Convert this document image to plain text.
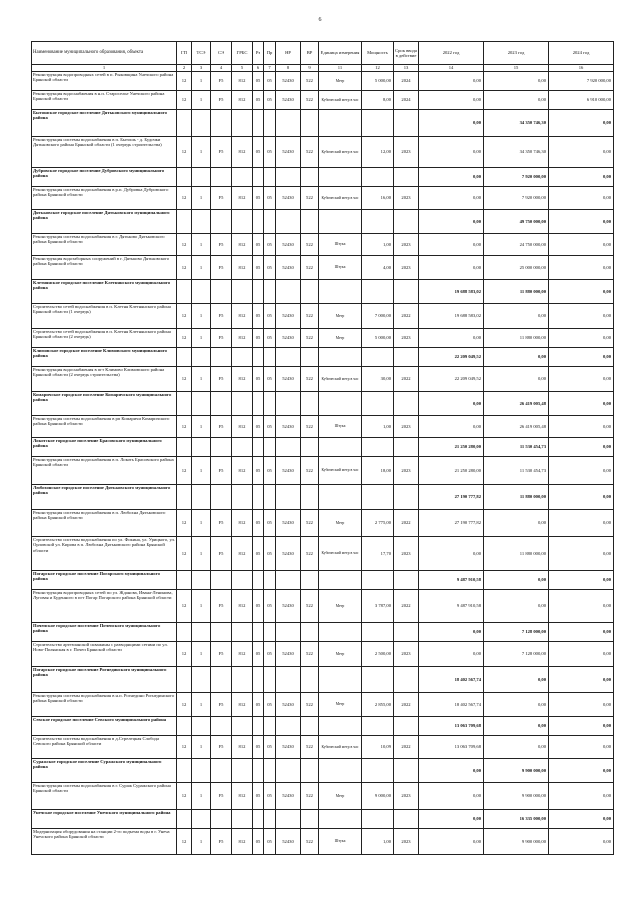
6
Наименование муниципального образования, объекта	ГП	ТСЭ	СЭ	ГРБС	Рз	Пр	НР	ВР	Единица измерения	Мощность	Срок ввода в действие	2022 год	2023 год	2024 год
1	2	3	4	5	6	7	8	9	11	12	13	14	15	16
Реконструкция водопроводных сетей в п. Рыковщина Унечского района Брянской области	12	1	F5	812	05	05	52430	522	Метр	5 000,00	2024	0,00	0,00	7 920 000,00
Реконструкция водоснабжения в н.п. Староселье Унечского района Брянской области	12	1	F5	812	05	05	52430	522	Кубический метр в час	8,00	2024	0,00	0,00	6 910 000,00
Бытошское городское поселение Дятьковского муниципального района												0,00	34 350 746,30	0,00
Реконструкция системы водоснабжения в п. Бытошь - д. Будочки Дятьковского района Брянской области (1 очередь строительства)	12	1	F5	812	05	05	52430	522	Кубический метр в час	12,00	2023	0,00	34 350 746,30	0,00
Дубровское городское поселение Дубровского муниципального района												0,00	7 920 000,00	0,00
Реконструкция системы водоснабжения в р.п. Дубровка Дубровского района Брянской области	12	1	F5	812	05	05	52430	522	Кубический метр в час	16,00	2023	0,00	7 920 000,00	0,00
Дятьковское городское поселение Дятьковского муниципального района												0,00	49 750 000,00	0,00
Реконструкция системы водоснабжения в г. Дятьково Дятьковского района Брянской области	12	1	F5	812	05	05	52430	522	Штука	1,00	2023	0,00	24 750 000,00	0,00
Реконструкция водозаборных сооружений в г. Дятьково Дятьковского района Брянской области	12	1	F5	812	05	05	52430	522	Штука	4,00	2023	0,00	25 000 000,00	0,00
Клетнянское городское поселение Клетнянского муниципального района												19 688 583,02	11 880 000,00	0,00
Строительство сетей водоснабжения в п. Клетня Клетнянского района Брянской области (1 очередь)	12	1	F5	812	05	05	52430	522	Метр	7 000,00	2022	19 688 583,02	0,00	0,00
Строительство сетей водоснабжения в п. Клетня Клетнянского района Брянской области (2 очередь)	12	1	F5	812	05	05	52430	522	Метр	5 000,00	2023	0,00	11 880 000,00	0,00
Климовское городское поселение Климовского муниципального района												22 209 049,52	0,00	0,00
Реконструкция водоснабжения в пгт Климово Климовского района Брянской области (2 очередь строительства)	12	1	F5	812	05	05	52430	522	Кубический метр в час	30,00	2022	22 209 049,52	0,00	0,00
Комаричское городское поселение Комаричского муниципального района												0,00	26 419 005,48	0,00
Реконструкция системы водоснабжения в рп Комаричи Комаричского района Брянской области	12	1	F5	812	05	05	52430	522	Штука	1,00	2023	0,00	26 419 005,48	0,00
Локотское городское поселение Брасовского муниципального района												21 250 280,00	11 530 454,73	0,00
Реконструкция системы водоснабжения в п. Локоть Брасовского района Брянской области	12	1	F5	812	05	05	52430	522	Кубический метр в час	18,00	2023	21 250 280,00	11 530 454,73	0,00
Любохонское городское поселение Дятьковского муниципального района												27 190 777,82	11 880 000,00	0,00
Реконструкция системы водоснабжения в п. Любохна Дятьковского района Брянской области	12	1	F5	812	05	05	52430	522	Метр	2 775,00	2022	27 190 777,82	0,00	0,00
Строительство системы водоснабжения по ул. Фокина, ул. Урицкого, ул. Орловской ул. Кирова в п. Любохна Дятьковского района Брянской области	12	1	F5	812	05	05	52430	522	Кубический метр в час	17,70	2023	0,00	11 880 000,00	0,00
Погарское городское поселение Погарского муниципального района												9 487 910,58	0,00	0,00
Реконструкция водопроводных сетей по ул. Жданова, Ивана-Ленинова, Луговая и Буденного в пгт Погар Погарского района Брянской области	12	1	F5	812	05	05	52430	522	Метр	3 787,00	2022	9 487 910,58	0,00	0,00
Почепское городское поселение Почепского муниципального района												0,00	7 128 000,00	0,00
Строительство артезианской скважины с разводящими сетями по ул. Ново-Полянская в г. Почеп Брянской области	12	1	F5	812	05	05	52430	522	Метр	2 500,00	2023	0,00	7 128 000,00	0,00
Погарское городское поселение Рогнединского муниципального района												18 402 567,74	0,00	0,00
Реконструкция системы водоснабжения в н.п. Рогнедино Рогнединского района Брянской области	12	1	F5	812	05	05	52430	522	Метр	2 855,00	2022	18 402 567,74	0,00	0,00
Севское городское поселение Севского муниципального района												13 063 709,68	0,00	0,00
Строительство системы водоснабжения в д.Стрелецкая Слобода Севского района Брянской области	12	1	F5	812	05	05	52430	522	Кубический метр в час	10,09	2022	13 063 709,68	0,00	0,00
Суражское городское поселение Суражского муниципального района												0,00	9 900 000,00	0,00
Реконструкция системы водоснабжения в г. Сураж Суражского района Брянской области	12	1	F5	812	05	05	52430	522	Метр	9 000,00	2023	0,00	9 900 000,00	0,00
Унечское городское поселение Унечского муниципального района												0,00	16 335 000,00	0,00
Модернизация оборудования на станции 2-го подъема воды в г. Унеча Унечского района Брянской области	12	1	F5	812	05	05	52430	522	Штука	1,00	2023	0,00	9 900 000,00	0,00
